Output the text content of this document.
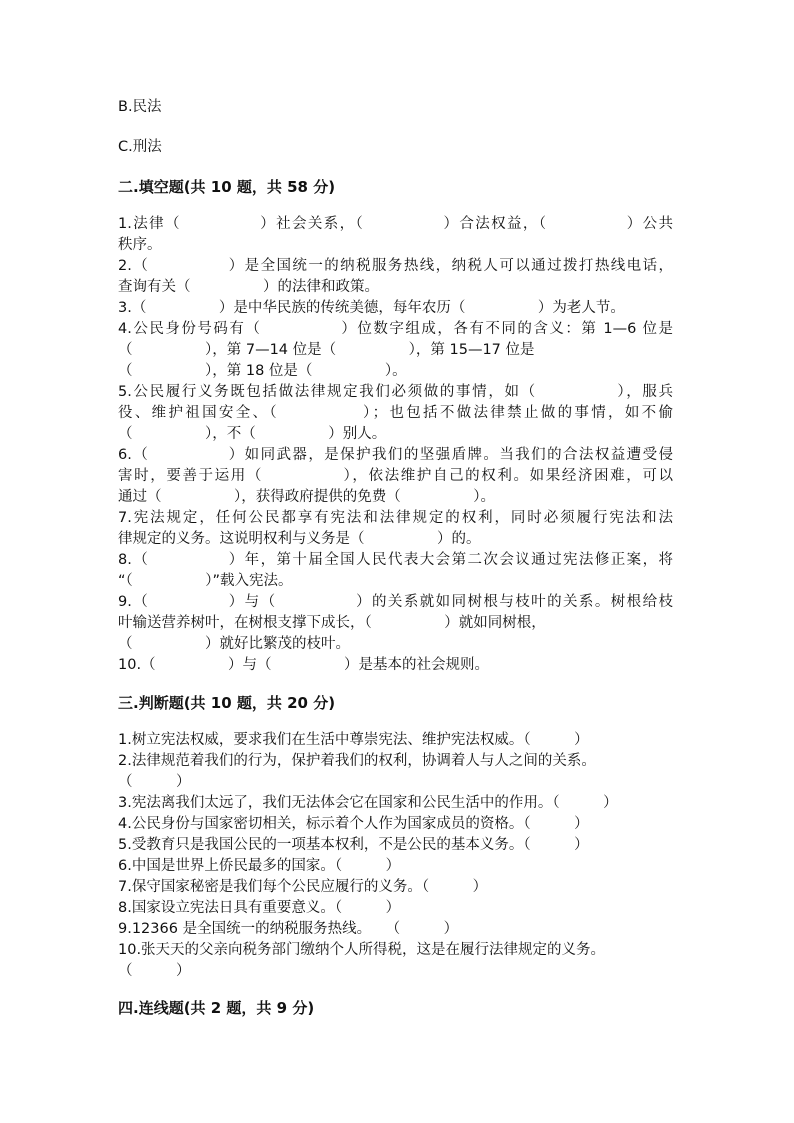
B.民法
C.刑法
二.填空题(共 10 题，共 58 分)
1.法律（　　　　　）社会关系，（　　　　　）合法权益，（　　　　　）公共
秩序。
2.（　　　　　）是全国统一的纳税服务热线，纳税人可以通过拨打热线电话，
查询有关（　　　　　）的法律和政策。
3.（　　　　　）是中华民族的传统美德，每年农历（　　　　　）为老人节。
4.公民身份号码有（　　　　　）位数字组成，各有不同的含义：第 1—6 位是
（　　　　　），第 7—14 位是（　　　　　），第 15—17 位是
（　　　　　），第 18 位是（　　　　　）。
5.公民履行义务既包括做法律规定我们必须做的事情，如（　　　　　），服兵
役、维护祖国安全、（　　　　　）；也包括不做法律禁止做的事情，如不偷
（　　　　　），不（　　　　　）别人。
6.（　　　　　）如同武器，是保护我们的坚强盾牌。当我们的合法权益遭受侵
害时，要善于运用（　　　　　），依法维护自己的权利。如果经济困难，可以
通过（　　　　　），获得政府提供的免费（　　　　　）。
7.宪法规定，任何公民都享有宪法和法律规定的权利，同时必须履行宪法和法
律规定的义务。这说明权利与义务是（　　　　　）的。
8.（　　　　　）年，第十届全国人民代表大会第二次会议通过宪法修正案，将
“（　　　　　）”载入宪法。
9.（　　　　　）与（　　　　　）的关系就如同树根与枝叶的关系。树根给枝
叶输送营养树叶，在树根支撑下成长，（　　　　　）就如同树根，
（　　　　　）就好比繁茂的枝叶。
10.（　　　　　）与（　　　　　）是基本的社会规则。
三.判断题(共 10 题，共 20 分)
1.树立宪法权威，要求我们在生活中尊崇宪法、维护宪法权威。（　　　）
2.法律规范着我们的行为，保护着我们的权利，协调着人与人之间的关系。
（　　　）
3.宪法离我们太远了，我们无法体会它在国家和公民生活中的作用。（　　　）
4.公民身份与国家密切相关，标示着个人作为国家成员的资格。（　　　）
5.受教育只是我国公民的一项基本权利，不是公民的基本义务。（　　　）
6.中国是世界上侨民最多的国家。（　　　）
7.保守国家秘密是我们每个公民应履行的义务。（　　　）
8.国家设立宪法日具有重要意义。（　　　）
9.12366 是全国统一的纳税服务热线。　　（　　　）
10.张天天的父亲向税务部门缴纳个人所得税，这是在履行法律规定的义务。
（　　　）
四.连线题(共 2 题，共 9 分)
